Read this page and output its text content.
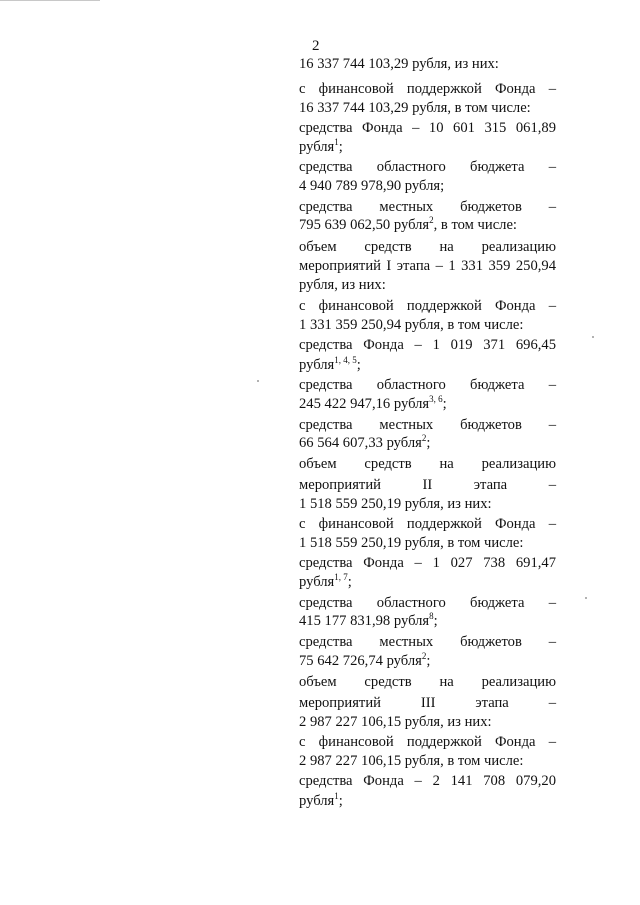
2
16 337 744 103,29 рубля, из них:
с финансовой поддержкой Фонда –
16 337 744 103,29 рубля, в том числе:
средства Фонда – 10 601 315 061,89
рубля$^1$;
средства областного бюджета –
4 940 789 978,90 рубля;
средства местных бюджетов –
795 639 062,50 рубля$^2$, в том числе:
объем средств на реализацию
мероприятий I этапа – 1 331 359 250,94
рубля, из них:
с финансовой поддержкой Фонда –
1 331 359 250,94 рубля, в том числе:
средства Фонда – 1 019 371 696,45
рубля$^{1, 4, 5}$;
средства областного бюджета –
245 422 947,16 рубля$^{3, 6}$;
средства местных бюджетов –
66 564 607,33 рубля$^2$;
объем средств на реализацию
мероприятий II этапа –
1 518 559 250,19 рубля, из них:
с финансовой поддержкой Фонда –
1 518 559 250,19 рубля, в том числе:
средства Фонда – 1 027 738 691,47
рубля$^{1, 7}$;
средства областного бюджета –
415 177 831,98 рубля$^8$;
средства местных бюджетов –
75 642 726,74 рубля$^2$;
объем средств на реализацию
мероприятий III этапа –
2 987 227 106,15 рубля, из них:
с финансовой поддержкой Фонда –
2 987 227 106,15 рубля, в том числе:
средства Фонда – 2 141 708 079,20
рубля$^1$;
